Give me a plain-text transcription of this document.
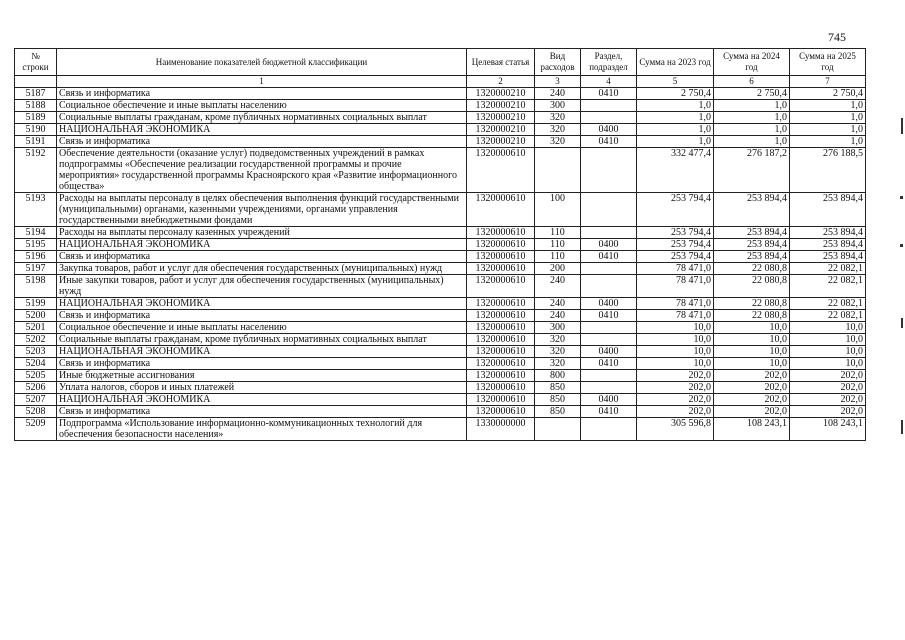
745
№ строки	Наименование показателей бюджетной классификации	Целевая статья	Вид расходов	Раздел, подраздел	Сумма на 2023 год	Сумма на 2024 год	Сумма на 2025 год
	1	2	3	4	5	6	7
5187	Связь и информатика	1320000210	240	0410	2 750,4	2 750,4	2 750,4
5188	Социальное обеспечение и иные выплаты населению	1320000210	300		1,0	1,0	1,0
5189	Социальные выплаты гражданам, кроме публичных нормативных социальных выплат	1320000210	320		1,0	1,0	1,0
5190	НАЦИОНАЛЬНАЯ ЭКОНОМИКА	1320000210	320	0400	1,0	1,0	1,0
5191	Связь и информатика	1320000210	320	0410	1,0	1,0	1,0
5192	Обеспечение деятельности (оказание услуг) подведомственных учреждений в рамках подпрограммы «Обеспечение реализации государственной программы и прочие мероприятия» государственной программы Красноярского края «Развитие информационного общества»	1320000610			332 477,4	276 187,2	276 188,5
5193	Расходы на выплаты персоналу в целях обеспечения выполнения функций государственными (муниципальными) органами, казенными учреждениями, органами управления государственными внебюджетными фондами	1320000610	100		253 794,4	253 894,4	253 894,4
5194	Расходы на выплаты персоналу казенных учреждений	1320000610	110		253 794,4	253 894,4	253 894,4
5195	НАЦИОНАЛЬНАЯ ЭКОНОМИКА	1320000610	110	0400	253 794,4	253 894,4	253 894,4
5196	Связь и информатика	1320000610	110	0410	253 794,4	253 894,4	253 894,4
5197	Закупка товаров, работ и услуг для обеспечения государственных (муниципальных) нужд	1320000610	200		78 471,0	22 080,8	22 082,1
5198	Иные закупки товаров, работ и услуг для обеспечения государственных (муниципальных) нужд	1320000610	240		78 471,0	22 080,8	22 082,1
5199	НАЦИОНАЛЬНАЯ ЭКОНОМИКА	1320000610	240	0400	78 471,0	22 080,8	22 082,1
5200	Связь и информатика	1320000610	240	0410	78 471,0	22 080,8	22 082,1
5201	Социальное обеспечение и иные выплаты населению	1320000610	300		10,0	10,0	10,0
5202	Социальные выплаты гражданам, кроме публичных нормативных социальных выплат	1320000610	320		10,0	10,0	10,0
5203	НАЦИОНАЛЬНАЯ ЭКОНОМИКА	1320000610	320	0400	10,0	10,0	10,0
5204	Связь и информатика	1320000610	320	0410	10,0	10,0	10,0
5205	Иные бюджетные ассигнования	1320000610	800		202,0	202,0	202,0
5206	Уплата налогов, сборов и иных платежей	1320000610	850		202,0	202,0	202,0
5207	НАЦИОНАЛЬНАЯ ЭКОНОМИКА	1320000610	850	0400	202,0	202,0	202,0
5208	Связь и информатика	1320000610	850	0410	202,0	202,0	202,0
5209	Подпрограмма «Использование информационно-коммуникационных технологий для обеспечения безопасности населения»	1330000000			305 596,8	108 243,1	108 243,1
